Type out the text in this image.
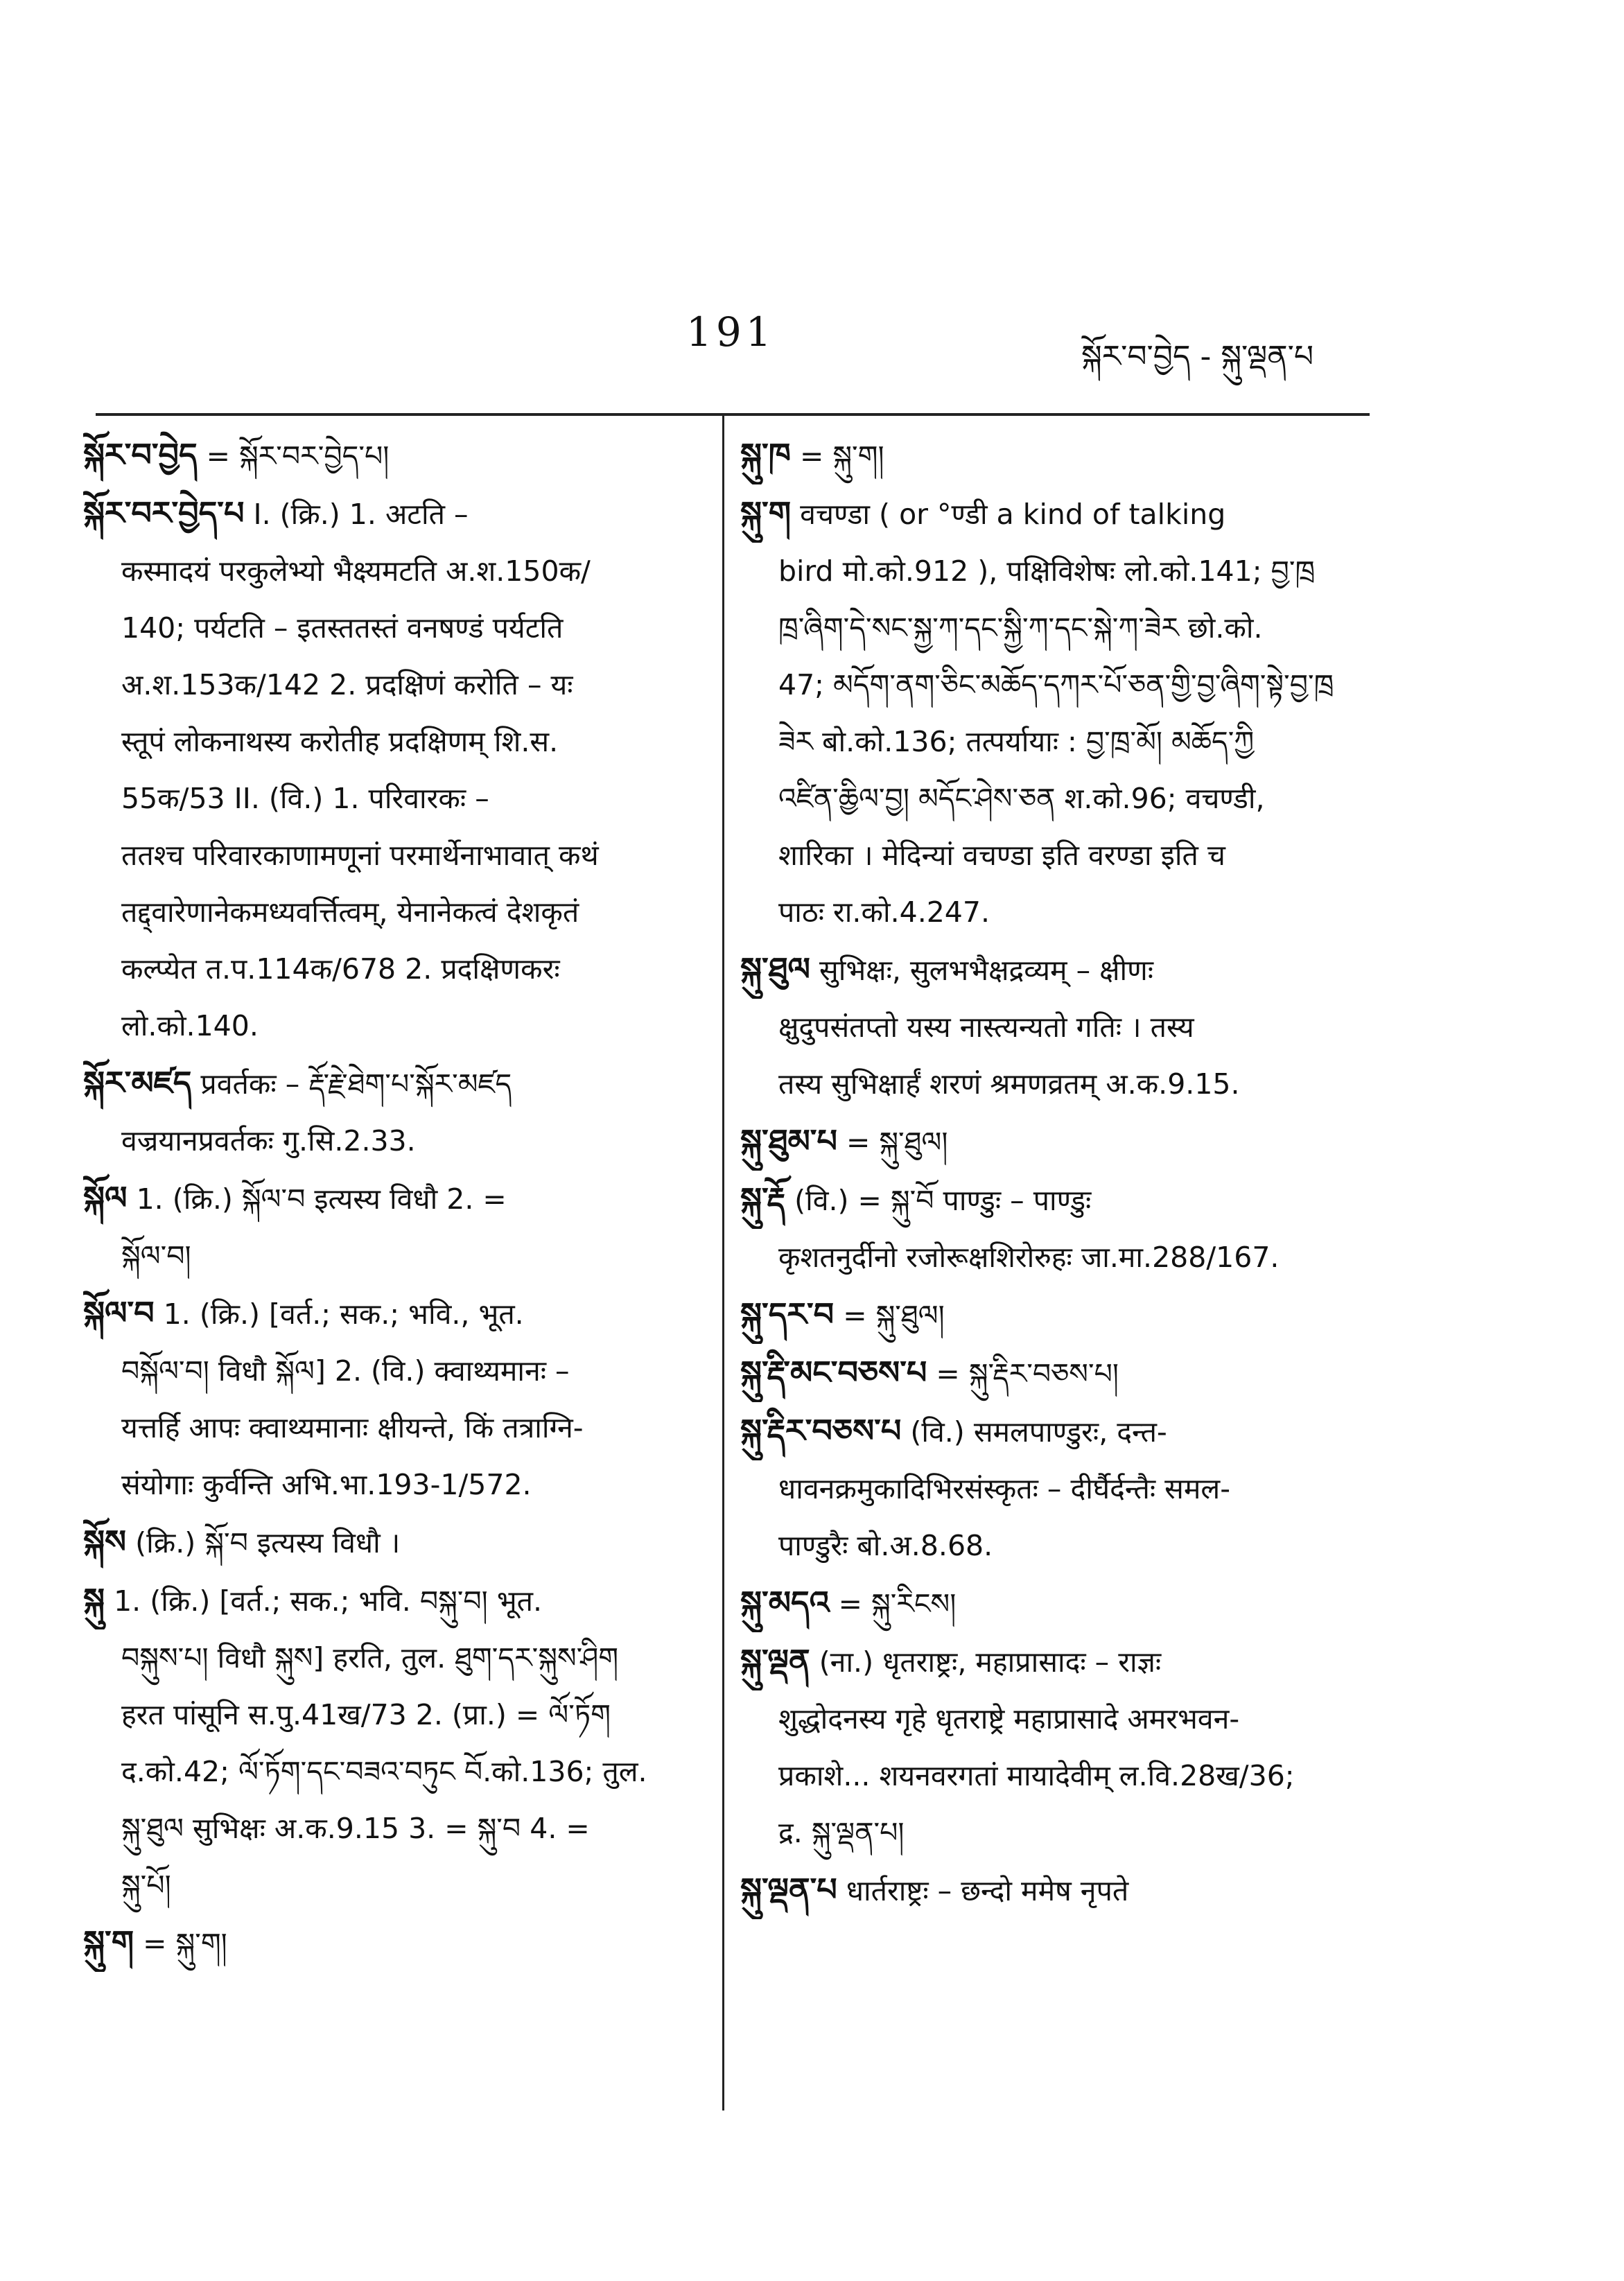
191
སྐོར་བ་བྱེད - སྐུ་ལྡན་པ
སྐོར་བ་བྱེད = སྐོར་བར་བྱེད་པ།
སྐོར་བར་བྱེད་པ I. (क्रि.) 1. अटति –
कस्मादयं परकुलेभ्यो भैक्ष्यमटति अ.श.150क/
140; पर्यटति – इतस्ततस्तं वनषण्डं पर्यटति
अ.श.153क/142 2. प्रदक्षिणं करोति – यः
स्तूपं लोकनाथस्य करोतीह प्रदक्षिणम् शि.स.
55क/53 II. (वि.) 1. परिवारकः –
ततश्च परिवारकाणामणूनां परमार्थेनाभावात् कथं
तद्द्वारेणानेकमध्यवर्त्तित्वम्, येनानेकत्वं देशकृतं
कल्प्येत त.प.114क/678 2. प्रदक्षिणकरः
लो.को.140.
སྐོར་མཛད प्रवर्तकः – རྡོ་རྗེ་ཐེག་པ་སྐོར་མཛད
वज्रयानप्रवर्तकः गु.सि.2.33.
སྐོལ 1. (क्रि.) སྐོལ་བ इत्यस्य विधौ 2. =
སྐོལ་བ།
སྐོལ་བ 1. (क्रि.) [वर्त.; सक.; भवि., भूत.
བསྐོལ་བ། विधौ སྐོལ] 2. (वि.) क्वाथ्यमानः –
यत्तर्हि आपः क्वाथ्यमानाः क्षीयन्ते, किं तत्राग्नि-
संयोगाः कुर्वन्ति अभि.भा.193-1/572.
སྐོས (क्रि.) སྐོ་བ इत्यस्य विधौ ।
སྐུ 1. (क्रि.) [वर्त.; सक.; भवि. བསྐུ་བ། भूत.
བསྐུས་པ། विधौ སྐུས] हरति, तुल. ཐུག་དར་སྐུས་ཤིག
हरत पांसूनि स.पु.41ख/73 2. (प्रा.) = ལོ་ཏོག
द.को.42; ལོ་ཏོག་དང་བཟའ་བཏུང བོ.को.136; तुल.
སྐུ་ཐུལ सुभिक्षः अ.क.9.15 3. = སྐུ་བ 4. =
སྐུ་པོ།
སྐུ་ག = སྐུ་ག།
སྐུ་ཁ = སྐུ་ག།
སྐུ་ག वचण्डा ( or °ण्डी a kind of talking
bird मो.को.912 ), पक्षिविशेषः लो.को.141; བྱ་ཁྲ
ཁྲ་ཞིག་དེ་སང་སྐྱ་ཀ་དང་སྐྱི་ཀ་དང་སྐེ་ཀ་ཟེར छो.को.
47; མདོག་ནག་ཅིང་མཆོད་དཀར་པོ་ཅན་གྱི་བྱ་ཞིག་སྟེ་བྱ་ཁྲ
ཟེར बो.को.136; तत्पर्यायाः : བྱ་ཁྲ་མོ། མཆོད་ཀྱི
འཛིན་ཆྱིལ་བྱ། མདོང་ཤེས་ཅན श.को.96; वचण्डी,
शारिका । मेदिन्यां वचण्डा इति वरण्डा इति च
पाठः रा.को.4.247.
སྐུ་ཐུལ सुभिक्षः, सुलभभैक्षद्रव्यम् – क्षीणः
क्षुदुपसंतप्तो यस्य नास्त्यन्यतो गतिः । तस्य
तस्य सुभिक्षार्हं शरणं श्रमणव्रतम् अ.क.9.15.
སྐུ་ཐུམ་པ = སྐུ་ཐུལ།
སྐུ་རྡོ (वि.) = སྐུ་བོ पाण्डुः – पाण्डुः
कृशतनुर्दीनो रजोरूक्षशिरोरुहः जा.मा.288/167.
སྐུ་དར་བ = སྐུ་ཐུལ།
སྐུ་རྡི་མང་བཅས་པ = སྐུ་རྡིར་བཅས་པ།
སྐུ་རྡིར་བཅས་པ (वि.) समलपाण्डुरः, दन्त-
धावनक्रमुकादिभिरसंस्कृतः – दीर्घैर्दन्तैः समल-
पाण्डुरैः बो.अ.8.68.
སྐུ་མདའ = སྐུ་རིངས།
སྐུ་ལྡན (ना.) धृतराष्ट्रः, महाप्रासादः – राज्ञः
शुद्धोदनस्य गृहे धृतराष्ट्रे महाप्रासादे अमरभवन-
प्रकाशे... शयनवरगतां मायादेवीम् ल.वि.28ख/36;
द्र. སྐུ་ལྡན་པ།
སྐུ་ལྡན་པ धार्तराष्ट्रः – छन्दो ममेष नृपते
